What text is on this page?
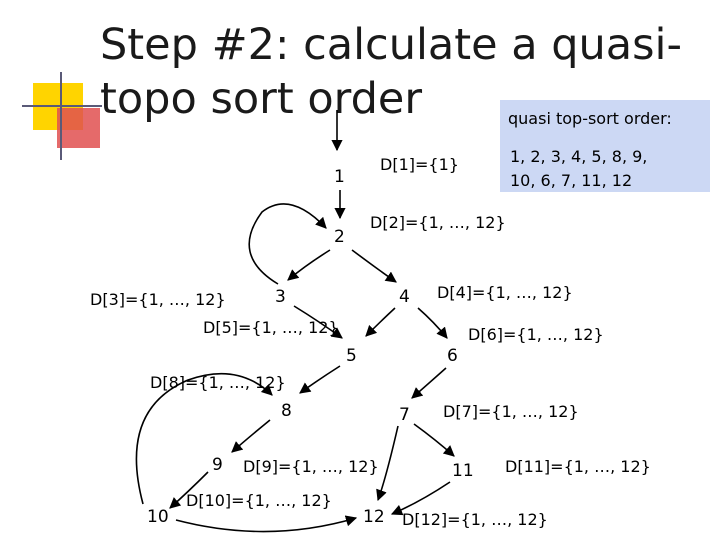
Step #2: calculate a quasi-
topo sort order	quasi top-sort order:
1, 2, 3, 4, 5, 8, 9,
10, 6, 7, 11, 12
1
2
3	4
5	6
7
8
9
10
11
12
D[1]={1}
D[2]={1, …, 12}
D[3]={1, …, 12}	D[4]={1, …, 12}
D[5]={1, …, 12}	D[6]={1, …, 12}
D[7]={1, …, 12}
D[8]={1, …, 12}
D[9]={1, …, 12}
D[10]={1, …, 12}
D[11]={1, …, 12}
D[12]={1, …, 12}
